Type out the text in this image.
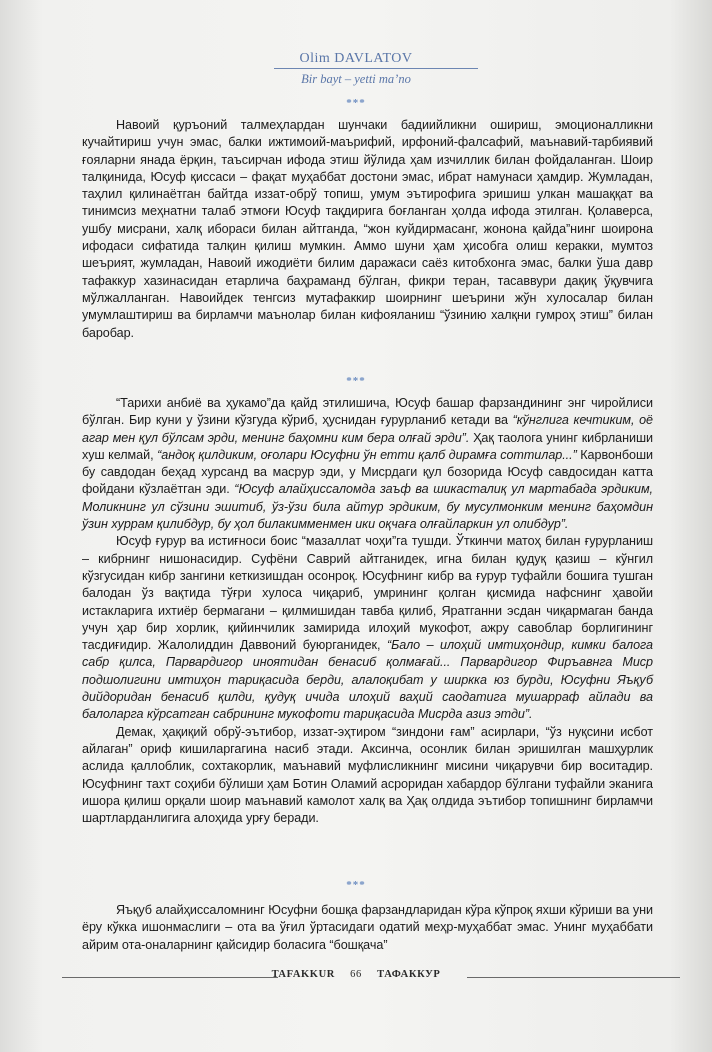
Olim DAVLATOV
Bir bayt – yetti ma’no
***

Навоий қуръоний талмеҳлардан шунчаки бадиийликни ошириш, эмоционалликни кучайтириш учун эмас, балки ижтимоий-маърифий, ирфоний-фалсафий, маънавий-тарбиявий ғояларни янада ёрқин, таъсирчан ифода этиш йўлида ҳам изчиллик билан фойдаланган. Шоир талқинида, Юсуф қиссаси – фақат муҳаббат достони эмас, ибрат намунаси ҳамдир. Жумладан, таҳлил қилинаётган байтда иззат-обрў топиш, умум эътирофига эришиш улкан машаққат ва тинимсиз меҳнатни талаб этмоғи Юсуф тақдирига боғланган ҳолда ифода этилган. Қолаверса, ушбу мисрани, халқ ибораси билан айтганда, “жон куйдирмасанг, жонона қайда”нинг шоирона ифодаси сифатида талқин қилиш мумкин. Аммо шуни ҳам ҳисобга олиш керакки, мумтоз шеърият, жумладан, Навоий ижодиёти билим даражаси саёз китобхонга эмас, балки ўша давр тафаккур хазинасидан етарлича баҳраманд бўлган, фикри теран, тасаввури дақиқ ўқувчига мўлжалланган. Навоийдек тенгсиз мутафаккир шоирнинг шеърини жўн хулосалар билан умумлаштириш ва бирламчи маънолар билан кифояланиш “ўзинию халқни гумроҳ этиш” билан баробар.

***

“Тарихи анбиё ва ҳукамо”да қайд этилишича, Юсуф башар фарзандининг энг чиройлиси бўлган. Бир куни у ўзини кўзгуда кўриб, ҳуснидан ғурурланиб кетади ва “кўнглига кечтиким, оё агар мен қул бўлсам эрди, менинг баҳомни ким бера олғай эрди”. Ҳақ таолога унинг кибрланиши хуш келмай, “андоқ қилдиким, оғолари Юсуфни ўн етти қалб дирамға соттилар...” Карвонбоши бу савдодан беҳад хурсанд ва масрур эди, у Мисрдаги қул бозорида Юсуф савдосидан катта фойдани кўзлаётган эди. “Юсуф алайҳиссаломда заъф ва шикасталиқ ул мартабада эрдиким, Моликнинг ул сўзини эшитиб, ўз-ўзи била айтур эрдиким, бу мусулмонким менинг баҳомдин ўзин хуррам қилибдур, бу ҳол билакимменмен ики оқчаға олғайларкин ул олибдур”.

Юсуф ғурур ва истиғноси боис “мазаллат чоҳи”га тушди. Ўткинчи матоҳ билан ғурурланиш – кибрнинг нишонасидир. Суфёни Саврий айтганидек, игна билан қудуқ қазиш – кўнгил кўзгусидан кибр зангини кеткизишдан осонроқ. Юсуфнинг кибр ва ғурур туфайли бошига тушган балодан ўз вақтида тўғри хулоса чиқариб, умрининг қолган қисмида нафснинг ҳавойи истакларига ихтиёр бермагани – қилмишидан тавба қилиб, Яратганни эсдан чиқармаган банда учун ҳар бир хорлик, қийинчилик замирида илоҳий мукофот, ажру савоблар борлигининг тасдиғидир. Жалолиддин Даввоний буюрганидек, “Бало – илоҳий имтиҳондир, кимки балога сабр қилса, Парвардигор иноятидан бенасиб қолмағай... Парвардигор Фиръавнга Миср подшолигини имтиҳон тариқасида берди, алалоқибат у ширкка юз бурди, Юсуфни Яъқуб дийдоридан бенасиб қилди, қудуқ ичида илоҳий ваҳий саодатига мушарраф айлади ва балоларга кўрсатган сабрининг мукофоти тариқасида Мисрда азиз этди”.

Демак, ҳақиқий обрў-эътибор, иззат-эҳтиром “зиндони ғам” асирлари, “ўз нуқсини исбот айлаган” ориф кишиларгагина насиб этади. Аксинча, осонлик билан эришилган машҳурлик аслида қаллоблик, сохтакорлик, маънавий муфлисликнинг мисини чиқарувчи бир воситадир. Юсуфнинг тахт соҳиби бўлиши ҳам Ботин Оламий асроридан хабардор бўлгани туфайли эканига ишора қилиш орқали шоир маънавий камолот халқ ва Ҳақ олдида эътибор топишнинг бирламчи шартларданлигига алоҳида урғу беради.

***

Яъқуб алайҳиссаломнинг Юсуфни бошқа фарзандларидан кўра кўпроқ яхши кўриши ва уни ёру кўкка ишонмаслиги – ота ва ўғил ўртасидаги одатий меҳр-муҳаббат эмас. Унинг муҳаббати айрим ота-оналарнинг қайсидир боласига “бошқача”

TAFAKKUR 66 ТАФАККУР
